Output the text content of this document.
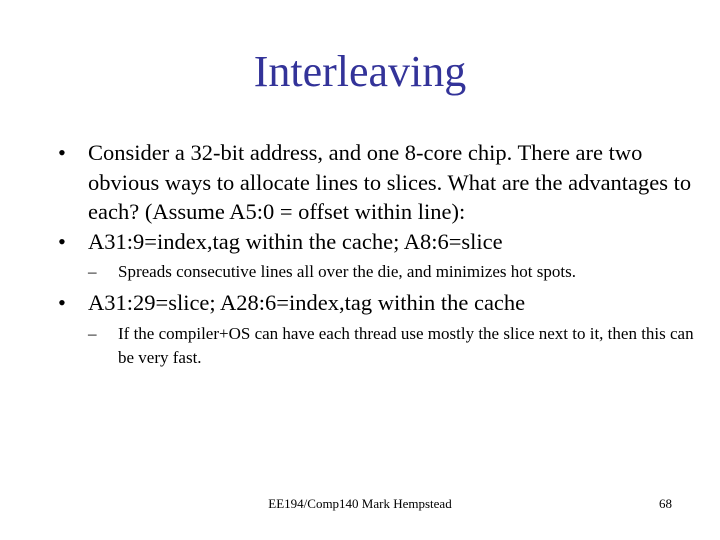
Interleaving
• Consider a 32-bit address, and one 8-core chip. There are two obvious ways to allocate lines to slices. What are the advantages to each? (Assume A5:0 = offset within line):
• A31:9=index,tag within the cache; A8:6=slice
–	Spreads consecutive lines all over the die, and minimizes hot spots.
• A31:29=slice; A28:6=index,tag within the cache
–	If the compiler+OS can have each thread use mostly the slice next to it, then this can be very fast.
EE194/Comp140 Mark Hempstead	68
